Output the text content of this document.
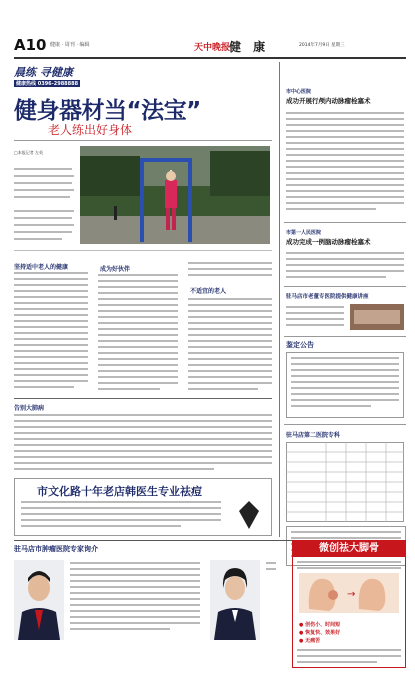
A10 健康 · 周刊 · 编辑	天中晚报
健 康	2014年7月9日 星期三
晨练 寻健康
健康热线 0396-2988888
健身器材当“法宝”
老人练出好身体
□本报记者 左英
坚持适中老人的健康	成为好伙伴
不适宜的老人
市中心医院
成功开展行颅内动脉瘤栓塞术
市第一人民医院
成功完成一例脑动脉瘤栓塞术
驻马店市老董专医院提供健康讲座
鉴定公告
驻马店第二医院专科
告别大肺病
市文化路十年老店韩医生专业祛痘
驻马店市肿瘤医院专家询介	微创祛大脚骨
→
● 创伤小、时间短
● 恢复快、效果好
● 无痛苦
